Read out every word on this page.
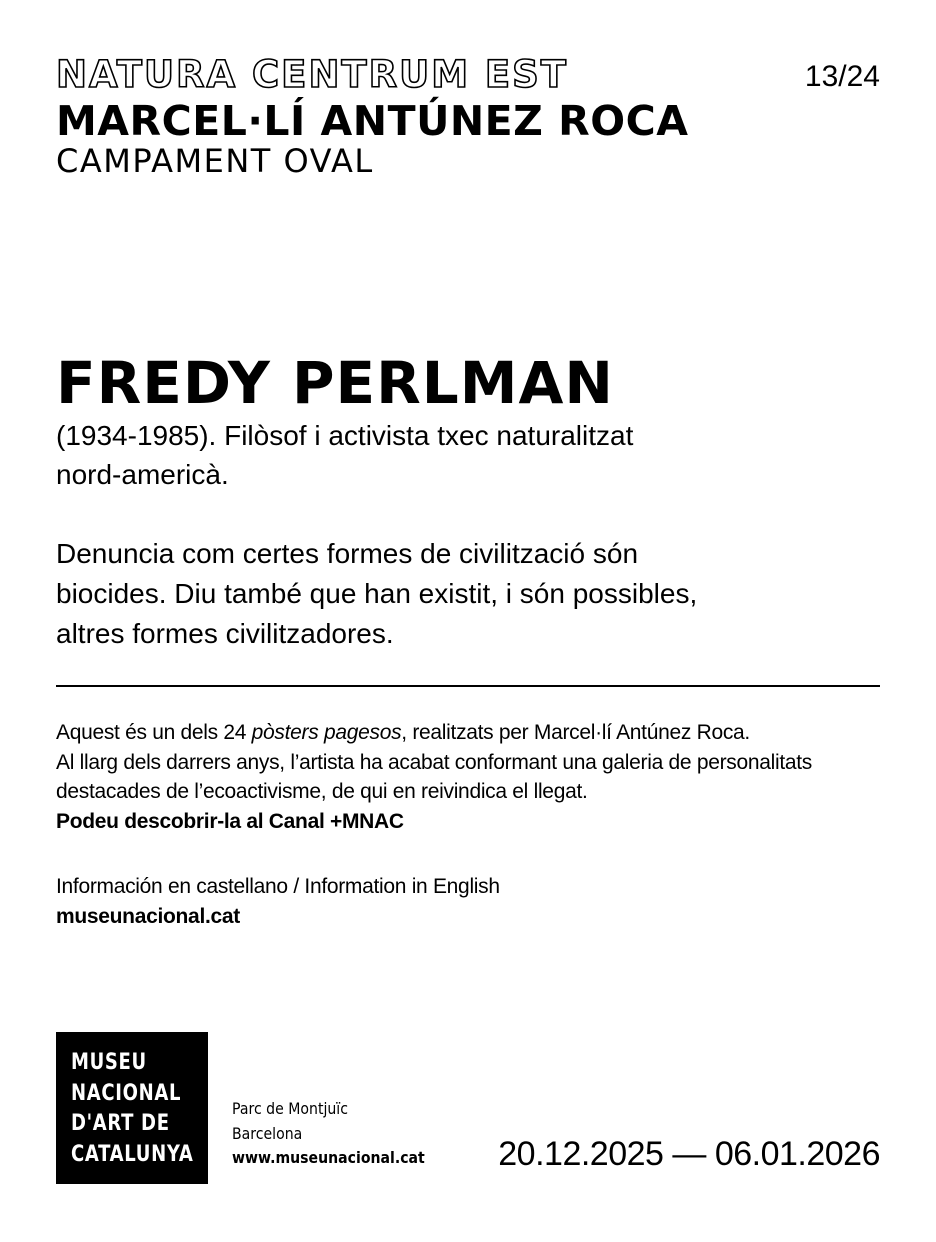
NATURA CENTRUM EST	13/24
MARCEL·LÍ ANTÚNEZ ROCA
CAMPAMENT OVAL
FREDY PERLMAN
(1934-1985). Filòsof i activista txec naturalitzat
nord-americà.
Denuncia com certes formes de civilització són
biocides. Diu també que han existit, i són possibles,
altres formes civilitzadores.

Aquest és un dels 24 pòsters pagesos, realitzats per Marcel·lí Antúnez Roca.

Al llarg dels darrers anys, l’artista ha acabat conformant una galeria de personalitats

destacades de l’ecoactivisme, de qui en reivindica el llegat.

Podeu descobrir-la al Canal +MNAC

Información en castellano / Information in English
museunacional.cat
MUSEU
NACIONAL
D'ART DE
CATALUNYA
Parc de Montjuïc
Barcelona
www.museunacional.cat 20.12.2025 — 06.01.2026
